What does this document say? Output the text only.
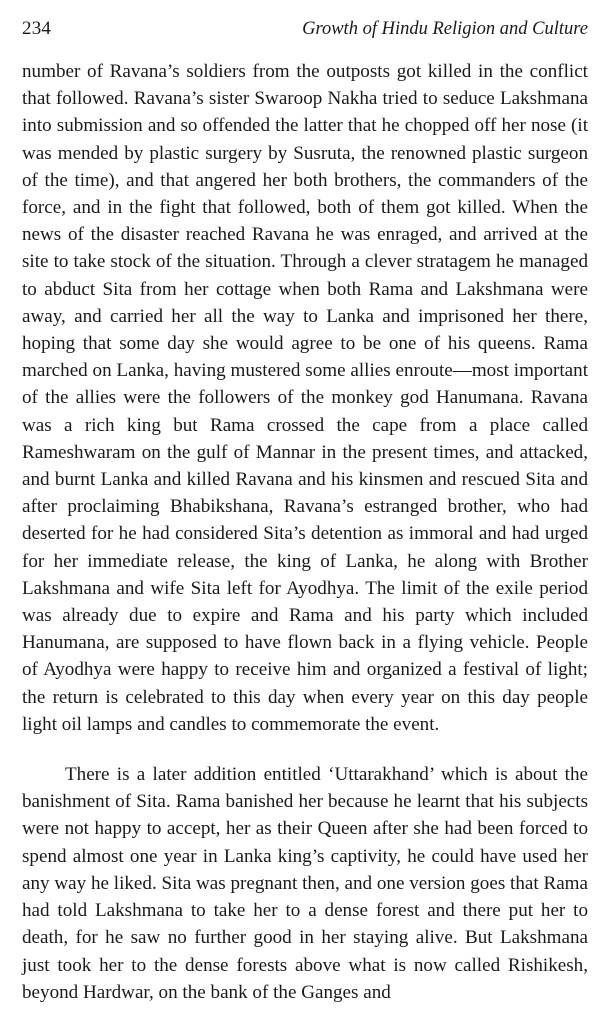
234	Growth of Hindu Religion and Culture

number of Ravana’s soldiers from the outposts got killed in the conflict that followed. Ravana’s sister Swaroop Nakha tried to seduce Lakshmana into submission and so offended the latter that he chopped off her nose (it was mended by plastic surgery by Susruta, the renowned plastic surgeon of the time), and that angered her both brothers, the commanders of the force, and in the fight that followed, both of them got killed. When the news of the disaster reached Ravana he was enraged, and arrived at the site to take stock of the situation. Through a clever stratagem he managed to abduct Sita from her cottage when both Rama and Lakshmana were away, and carried her all the way to Lanka and imprisoned her there, hoping that some day she would agree to be one of his queens. Rama marched on Lanka, having mustered some allies enroute—most important of the allies were the followers of the monkey god Hanumana. Ravana was a rich king but Rama crossed the cape from a place called Rameshwaram on the gulf of Mannar in the present times, and attacked, and burnt Lanka and killed Ravana and his kinsmen and rescued Sita and after proclaiming Bhabikshana, Ravana’s estranged brother, who had deserted for he had considered Sita’s detention as immoral and had urged for her immediate release, the king of Lanka, he along with Brother Lakshmana and wife Sita left for Ayodhya. The limit of the exile period was already due to expire and Rama and his party which included Hanumana, are supposed to have flown back in a flying vehicle. People of Ayodhya were happy to receive him and organized a festival of light; the return is celebrated to this day when every year on this day people light oil lamps and candles to commemorate the event.

There is a later addition entitled ‘Uttarakhand’ which is about the banishment of Sita. Rama banished her because he learnt that his subjects were not happy to accept, her as their Queen after she had been forced to spend almost one year in Lanka king’s captivity, he could have used her any way he liked. Sita was pregnant then, and one version goes that Rama had told Lakshmana to take her to a dense forest and there put her to death, for he saw no further good in her staying alive. But Lakshmana just took her to the dense forests above what is now called Rishikesh, beyond Hardwar, on the bank of the Ganges and
